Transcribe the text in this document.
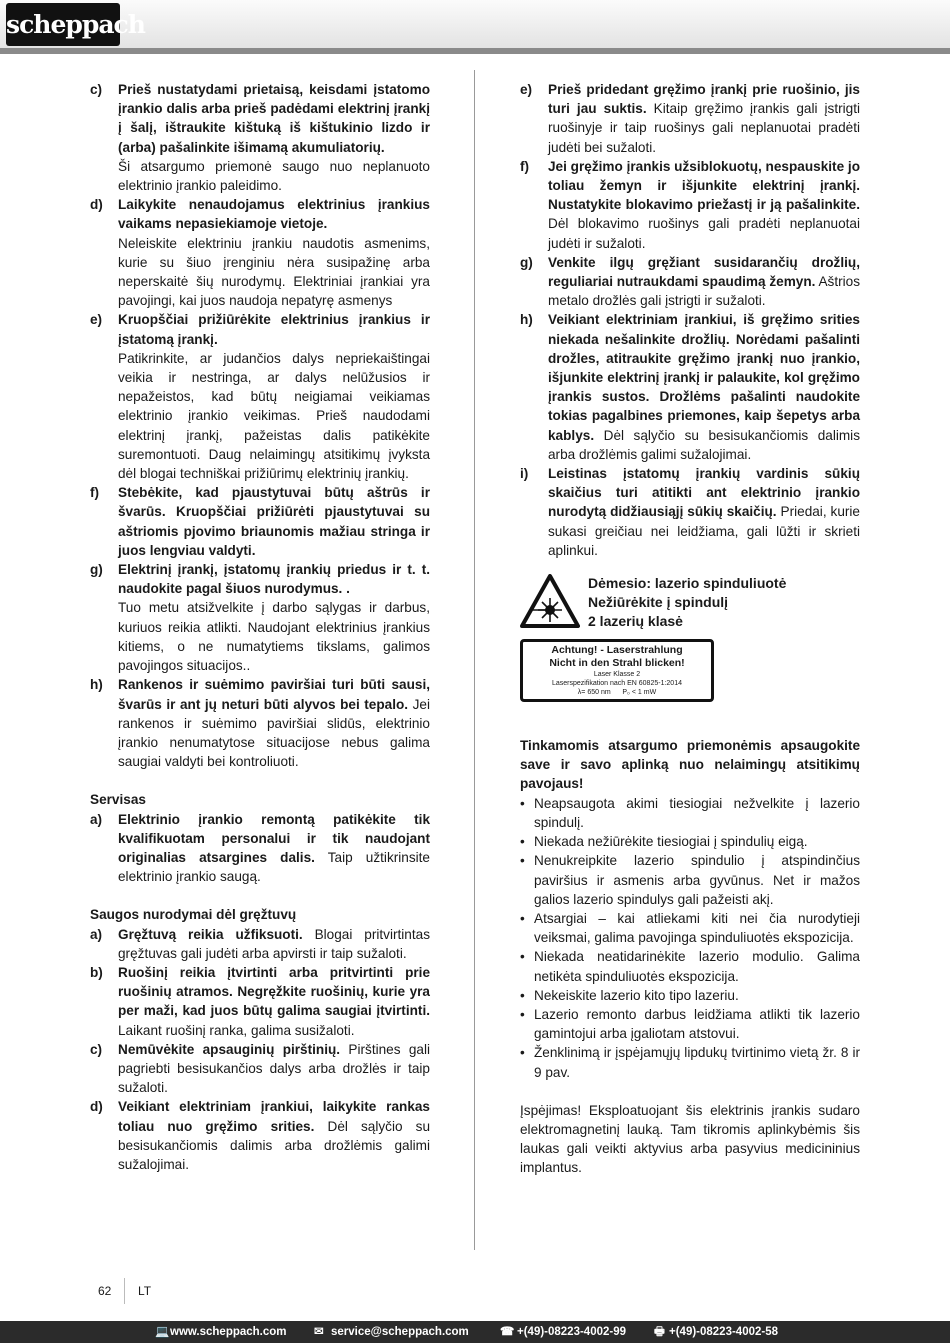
scheppach
c)	Prieš nustatydami prietaisą, keisdami įstatomo įrankio dalis arba prieš padėdami elektrinį įrankį į šalį, ištraukite kištuką iš kištukinio lizdo ir (arba) pašalinkite išimamą akumuliatorių.
Ši atsargumo priemonė saugo nuo neplanuoto elektrinio įrankio paleidimo.
d)	Laikykite nenaudojamus elektrinius įrankius vaikams nepasiekiamoje vietoje.
Neleiskite elektriniu įrankiu naudotis asmenims, kurie su šiuo įrenginiu nėra susipažinę arba neperskaitė šių nurodymų. Elektriniai įrankiai yra pavojingi, kai juos naudoja nepatyrę asmenys
e)	Kruopščiai prižiūrėkite elektrinius įrankius ir įstatomą įrankį.
Patikrinkite, ar judančios dalys nepriekaištingai veikia ir nestringa, ar dalys nelūžusios ir nepažeistos, kad būtų neigiamai veikiamas elektrinio įrankio veikimas. Prieš naudodami elektrinį įrankį, pažeistas dalis patikėkite suremontuoti. Daug nelaimingų atsitikimų įvyksta dėl blogai techniškai prižiūrimų elektrinių įrankių.
f)	Stebėkite, kad pjaustytuvai būtų aštrūs ir švarūs. Kruopščiai prižiūrėti pjaustytuvai su aštriomis pjovimo briaunomis mažiau stringa ir juos lengviau valdyti.
g)	Elektrinį įrankį, įstatomų įrankių priedus ir t. t. naudokite pagal šiuos nurodymus. .
Tuo metu atsižvelkite į darbo sąlygas ir darbus, kuriuos reikia atlikti. Naudojant elektrinius įrankius kitiems, o ne numatytiems tikslams, galimos pavojingos situacijos..
h)	Rankenos ir suėmimo paviršiai turi būti sausi, švarūs ir ant jų neturi būti alyvos bei tepalo. Jei rankenos ir suėmimo paviršiai slidūs, elektrinio įrankio nenumatytose situacijose nebus galima saugiai valdyti bei kontroliuoti.
Servisas
a)	Elektrinio įrankio remontą patikėkite tik kvalifikuotam personalui ir tik naudojant originalias atsargines dalis. Taip užtikrinsite elektrinio įrankio saugą.
Saugos nurodymai dėl gręžtuvų
a)	Gręžtuvą reikia užfiksuoti. Blogai pritvirtintas gręžtuvas gali judėti arba apvirsti ir taip sužaloti.
b)	Ruošinį reikia įtvirtinti arba pritvirtinti prie ruošinių atramos. Negręžkite ruošinių, kurie yra per maži, kad juos būtų galima saugiai įtvirtinti. Laikant ruošinį ranka, galima susižaloti.
c)	Nemūvėkite apsauginių pirštinių. Pirštines gali pagriebti besisukančios dalys arba drožlės ir taip sužaloti.
d)	Veikiant elektriniam įrankiui, laikykite rankas toliau nuo gręžimo srities. Dėl sąlyčio su besisukančiomis dalimis arba drožlėmis galimi sužalojimai.
e)	Prieš pridedant gręžimo įrankį prie ruošinio, jis turi jau suktis. Kitaip gręžimo įrankis gali įstrigti ruošinyje ir taip ruošinys gali neplanuotai pradėti judėti bei sužaloti.
f)	Jei gręžimo įrankis užsiblokuotų, nespauskite jo toliau žemyn ir išjunkite elektrinį įrankį. Nustatykite blokavimo priežastį ir ją pašalinkite. Dėl blokavimo ruošinys gali pradėti neplanuotai judėti ir sužaloti.
g)	Venkite ilgų gręžiant susidarančių drožlių, reguliariai nutraukdami spaudimą žemyn. Aštrios metalo drožlės gali įstrigti ir sužaloti.
h)	Veikiant elektriniam įrankiui, iš gręžimo srities niekada nešalinkite drožlių. Norėdami pašalinti drožles, atitraukite gręžimo įrankį nuo įrankio, išjunkite elektrinį įrankį ir palaukite, kol gręžimo įrankis sustos. Drožlėms pašalinti naudokite tokias pagalbines priemones, kaip šepetys arba kablys. Dėl sąlyčio su besisukančiomis dalimis arba drožlėmis galimi sužalojimai.
i)	Leistinas įstatomų įrankių vardinis sūkių skaičius turi atitikti ant elektrinio įrankio nurodytą didžiausiąjį sūkių skaičių. Priedai, kurie sukasi greičiau nei leidžiama, gali lūžti ir skrieti aplinkui.
Dėmesio: lazerio spinduliuotė
Nežiūrėkite į spindulį
2 lazerių klasė
Achtung! - Laserstrahlung
Nicht in den Strahl blicken!
Laser Klasse 2
Laserspezifikation nach EN 60825-1:2014
λ= 650 nm P₀ < 1 mW
Tinkamomis atsargumo priemonėmis apsaugokite save ir savo aplinką nuo nelaimingų atsitikimų pavojaus!
• Neapsaugota akimi tiesiogiai nežvelkite į lazerio spindulį.
• Niekada nežiūrėkite tiesiogiai į spindulių eigą.
• Nenukreipkite lazerio spindulio į atspindinčius paviršius ir asmenis arba gyvūnus. Net ir mažos galios lazerio spindulys gali pažeisti akį.
• Atsargiai – kai atliekami kiti nei čia nurodytieji veiksmai, galima pavojinga spinduliuotės ekspozicija.
• Niekada neatidarinėkite lazerio modulio. Galima netikėta spinduliuotės ekspozicija.
• Nekeiskite lazerio kito tipo lazeriu.
• Lazerio remonto darbus leidžiama atlikti tik lazerio gamintojui arba įgaliotam atstovui.
• Ženklinimą ir įspėjamųjų lipdukų tvirtinimo vietą žr. 8 ir 9 pav.
Įspėjimas! Eksploatuojant šis elektrinis įrankis sudaro elektromagnetinį lauką. Tam tikromis aplinkybėmis šis laukas gali veikti aktyvius arba pasyvius medicininius implantus.
62 LT
💻 www.scheppach.com ✉ service@scheppach.com	☎ +(49)-08223-4002-99 🖶 +(49)-08223-4002-58
